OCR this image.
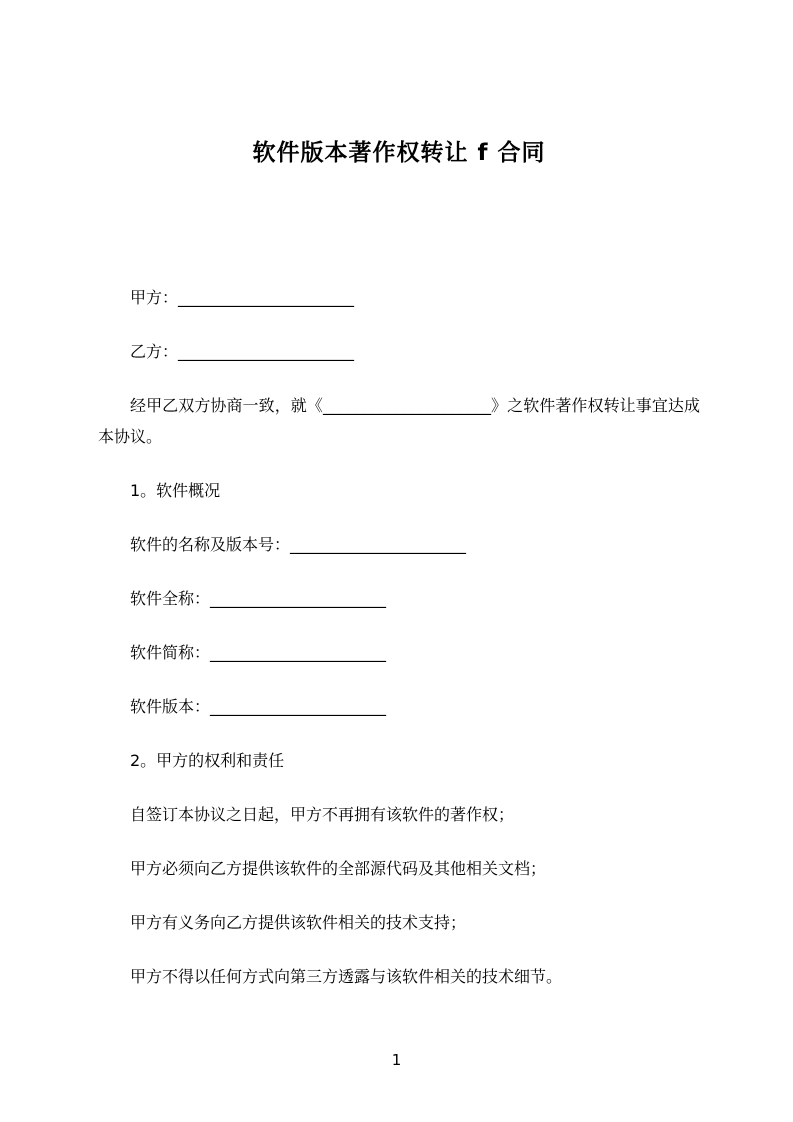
软件版本著作权转让 f 合同

甲方：______________________

乙方：______________________

经甲乙双方协商一致，就《_____________________》之软件著作权转让事宜达成本协议。

1。软件概况

软件的名称及版本号：______________________

软件全称：______________________

软件简称：______________________

软件版本：______________________

2。甲方的权利和责任

自签订本协议之日起，甲方不再拥有该软件的著作权；

甲方必须向乙方提供该软件的全部源代码及其他相关文档；

甲方有义务向乙方提供该软件相关的技术支持；

甲方不得以任何方式向第三方透露与该软件相关的技术细节。

1
